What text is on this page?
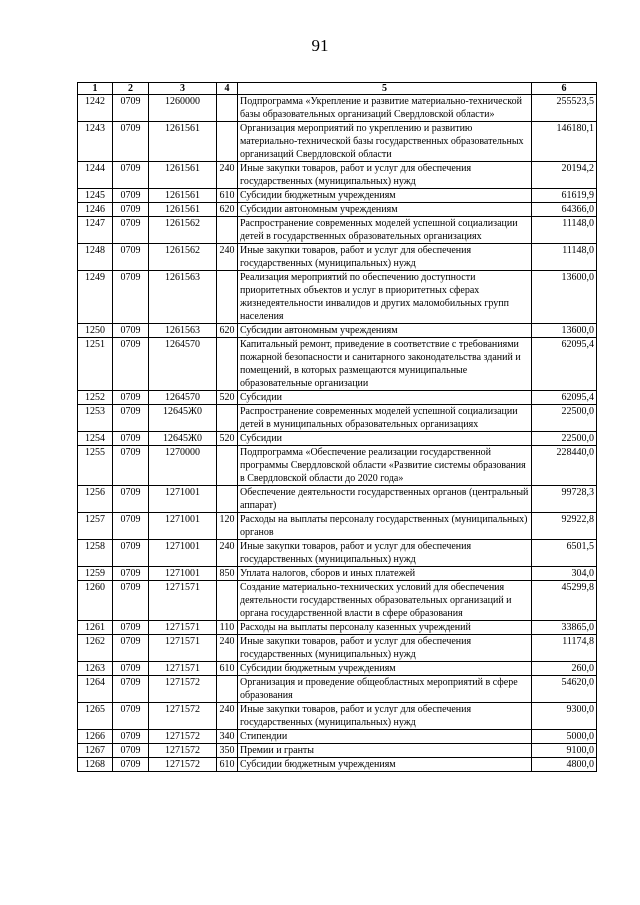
91
1	2	3	4	5	6
1242	0709	1260000		Подпрограмма «Укрепление и развитие материально-технической базы образовательных организаций Свердловской области»	255523,5
1243	0709	1261561		Организация мероприятий по укреплению и развитию материально-технической базы государственных образовательных организаций Свердловской области	146180,1
1244	0709	1261561	240	Иные закупки товаров, работ и услуг для обеспечения государственных (муниципальных) нужд	20194,2
1245	0709	1261561	610	Субсидии бюджетным учреждениям	61619,9
1246	0709	1261561	620	Субсидии автономным учреждениям	64366,0
1247	0709	1261562		Распространение современных моделей успешной социализации детей в государственных образовательных организациях	11148,0
1248	0709	1261562	240	Иные закупки товаров, работ и услуг для обеспечения государственных (муниципальных) нужд	11148,0
1249	0709	1261563		Реализация мероприятий по обеспечению доступности приоритетных объектов и услуг в приоритетных сферах жизнедеятельности инвалидов и других маломобильных групп населения	13600,0
1250	0709	1261563	620	Субсидии автономным учреждениям	13600,0
1251	0709	1264570		Капитальный ремонт, приведение в соответствие с требованиями пожарной безопасности и санитарного законодательства зданий и помещений, в которых размещаются муниципальные образовательные организации	62095,4
1252	0709	1264570	520	Субсидии	62095,4
1253	0709	12645Ж0		Распространение современных моделей успешной социализации детей в муниципальных образовательных организациях	22500,0
1254	0709	12645Ж0	520	Субсидии	22500,0
1255	0709	1270000		Подпрограмма «Обеспечение реализации государственной программы Свердловской области «Развитие системы образования в Свердловской области до 2020 года»	228440,0
1256	0709	1271001		Обеспечение деятельности государственных органов (центральный аппарат)	99728,3
1257	0709	1271001	120	Расходы на выплаты персоналу государственных (муниципальных) органов	92922,8
1258	0709	1271001	240	Иные закупки товаров, работ и услуг для обеспечения государственных (муниципальных) нужд	6501,5
1259	0709	1271001	850	Уплата налогов, сборов и иных платежей	304,0
1260	0709	1271571		Создание материально-технических условий для обеспечения деятельности государственных образовательных организаций и органа государственной власти в сфере образования	45299,8
1261	0709	1271571	110	Расходы на выплаты персоналу казенных учреждений	33865,0
1262	0709	1271571	240	Иные закупки товаров, работ и услуг для обеспечения государственных (муниципальных) нужд	11174,8
1263	0709	1271571	610	Субсидии бюджетным учреждениям	260,0
1264	0709	1271572		Организация и проведение общеобластных мероприятий в сфере образования	54620,0
1265	0709	1271572	240	Иные закупки товаров, работ и услуг для обеспечения государственных (муниципальных) нужд	9300,0
1266	0709	1271572	340	Стипендии	5000,0
1267	0709	1271572	350	Премии и гранты	9100,0
1268	0709	1271572	610	Субсидии бюджетным учреждениям	4800,0
